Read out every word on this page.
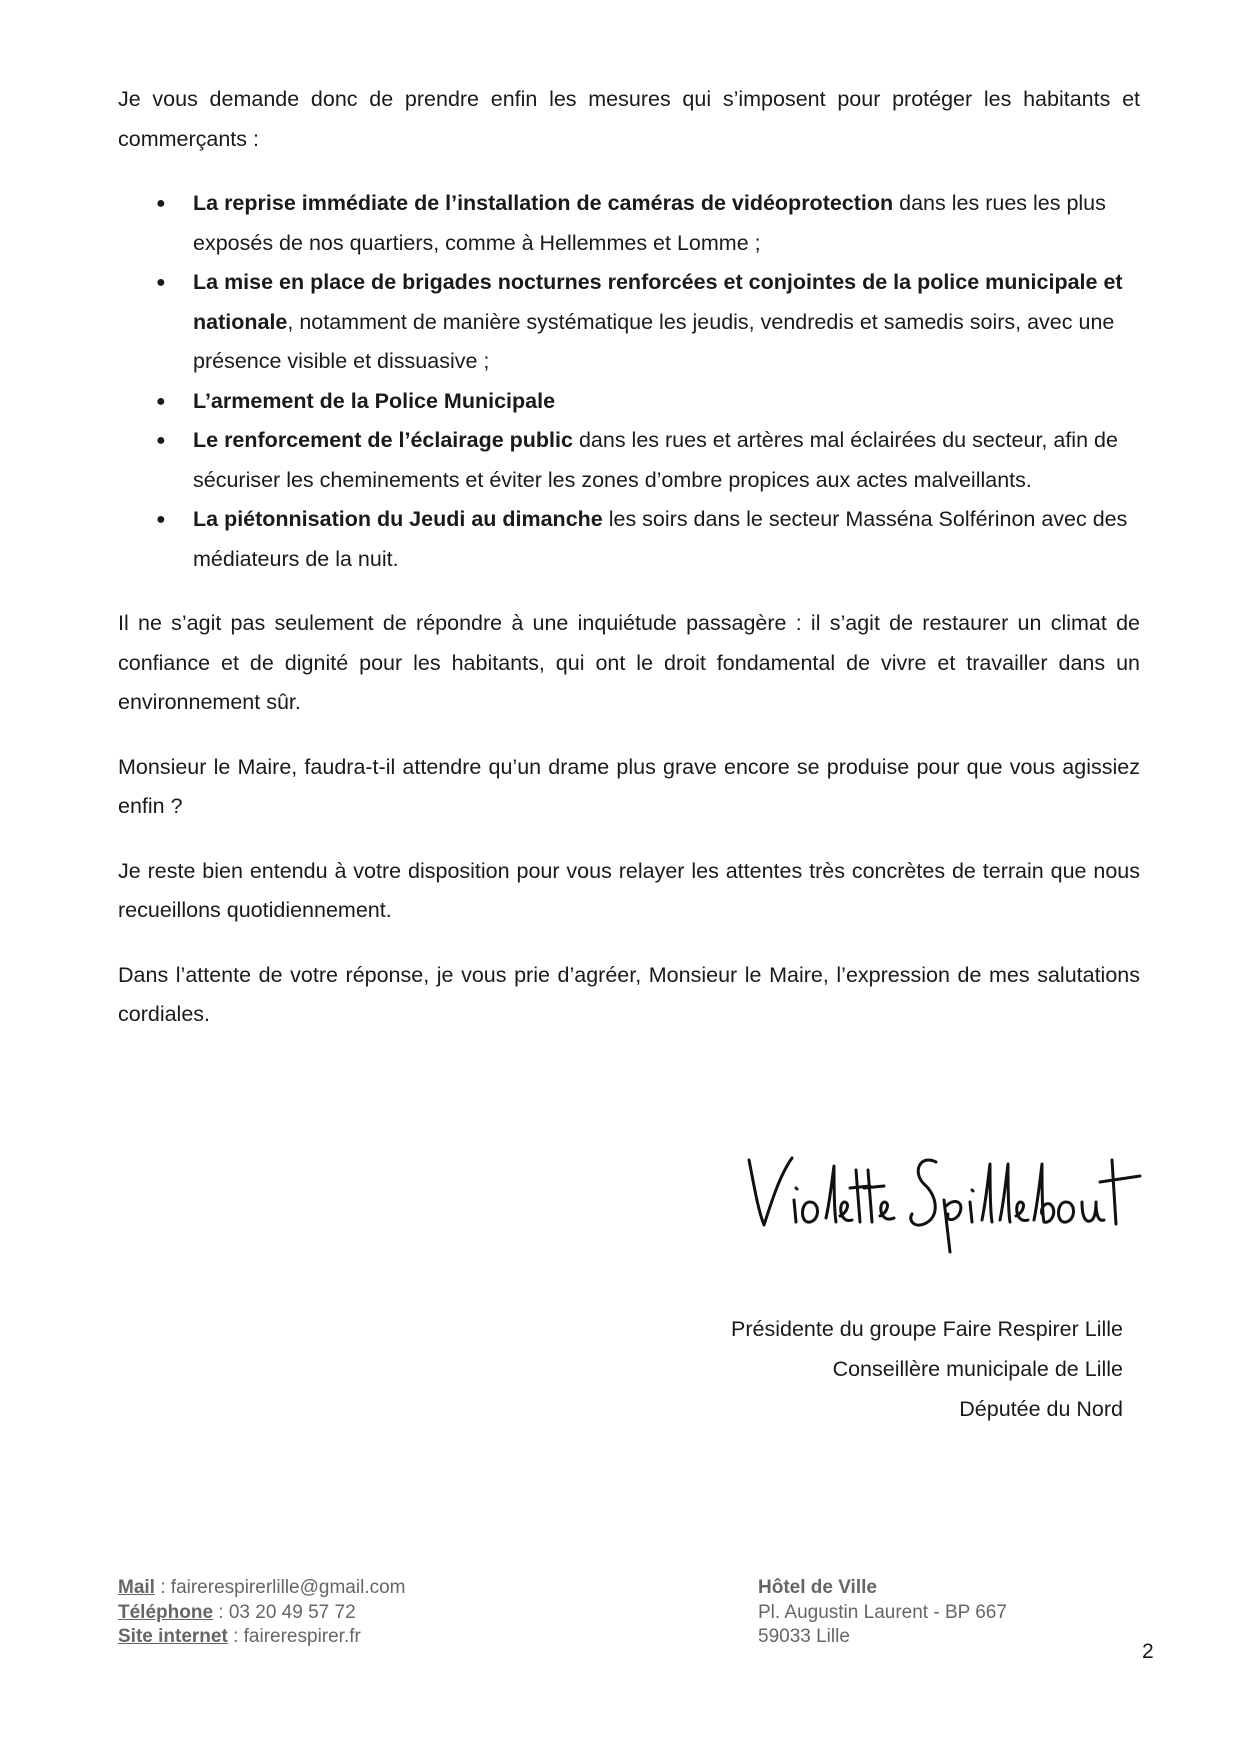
Je vous demande donc de prendre enfin les mesures qui s’imposent pour protéger les habitants et commerçants :

● La reprise immédiate de l’installation de caméras de vidéoprotection dans les rues les plus exposés de nos quartiers, comme à Hellemmes et Lomme ;
● La mise en place de brigades nocturnes renforcées et conjointes de la police municipale et nationale, notamment de manière systématique les jeudis, vendredis et samedis soirs, avec une présence visible et dissuasive ;
● L’armement de la Police Municipale
● Le renforcement de l’éclairage public dans les rues et artères mal éclairées du secteur, afin de sécuriser les cheminements et éviter les zones d’ombre propices aux actes malveillants.
● La piétonnisation du Jeudi au dimanche les soirs dans le secteur Masséna Solférinon avec des médiateurs de la nuit.

Il ne s’agit pas seulement de répondre à une inquiétude passagère : il s’agit de restaurer un climat de confiance et de dignité pour les habitants, qui ont le droit fondamental de vivre et travailler dans un environnement sûr.

Monsieur le Maire, faudra-t-il attendre qu’un drame plus grave encore se produise pour que vous agissiez enfin ?

Je reste bien entendu à votre disposition pour vous relayer les attentes très concrètes de terrain que nous recueillons quotidiennement.

Dans l’attente de votre réponse, je vous prie d’agréer, Monsieur le Maire, l’expression de mes salutations cordiales.

Présidente du groupe Faire Respirer Lille
Conseillère municipale de Lille
Députée du Nord
Mail : fairerespirerlille@gmail.com
Téléphone : 03 20 49 57 72
Site internet : fairerespirer.fr
Hôtel de Ville
Pl. Augustin Laurent - BP 667
59033 Lille
2
